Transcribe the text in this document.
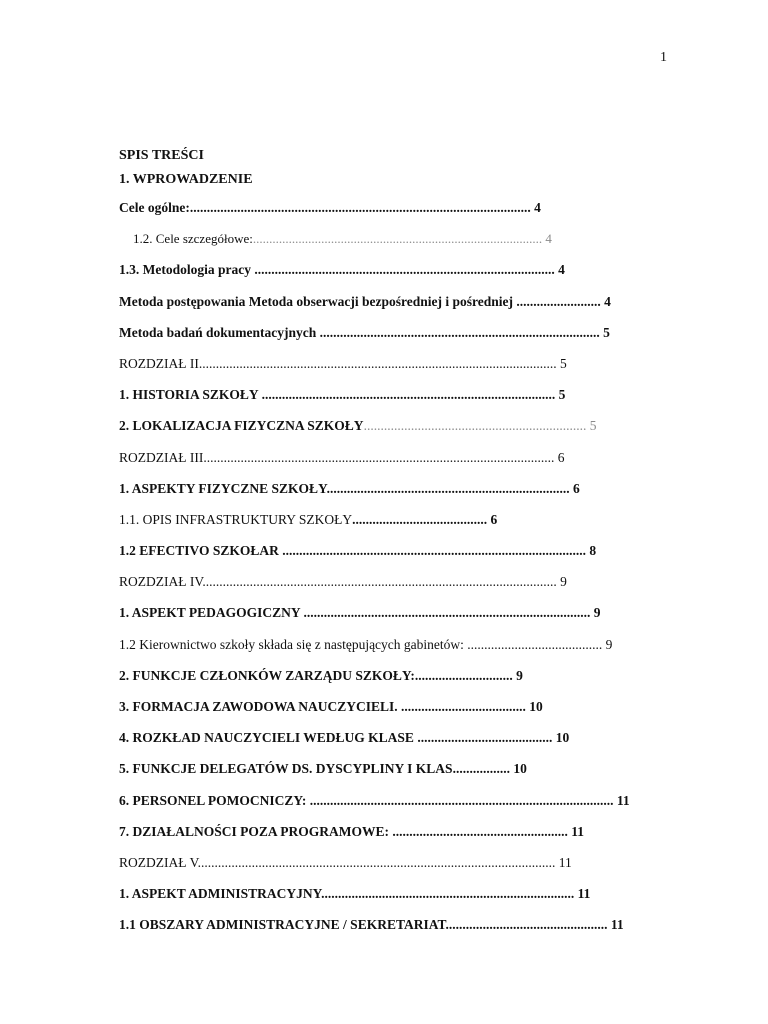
1
SPIS TREŚCI
1. WPROWADZENIE
Cele ogólne:..................................................................................................... 4
1.2. Cele szczegółowe:......................................................................................... 4
1.3. Metodologia pracy ......................................................................................... 4
Metoda postępowania Metoda obserwacji bezpośredniej i pośredniej ......................... 4
Metoda badań dokumentacyjnych ................................................................................... 5
ROZDZIAŁ II.......................................................................................................... 5
1. HISTORIA SZKOŁY ....................................................................................... 5
2. LOKALIZACJA FIZYCZNA SZKOŁY.................................................................. 5
ROZDZIAŁ III........................................................................................................ 6
1. ASPEKTY FIZYCZNE SZKOŁY........................................................................ 6
1.1. OPIS INFRASTRUKTURY SZKOŁY........................................ 6
1.2 EFECTIVO SZKOŁAR .......................................................................................... 8
ROZDZIAŁ IV......................................................................................................... 9
1. ASPEKT PEDAGOGICZNY ..................................................................................... 9
1.2 Kierownictwo szkoły składa się z następujących gabinetów: ........................................ 9
2. FUNKCJE CZŁONKÓW ZARZĄDU SZKOŁY:............................. 9
3. FORMACJA ZAWODOWA NAUCZYCIELI. ..................................... 10
4. ROZKŁAD NAUCZYCIELI WEDŁUG KLASE ........................................ 10
5. FUNKCJE DELEGATÓW DS. DYSCYPLINY I KLAS................. 10
6. PERSONEL POMOCNICZY: .......................................................................................... 11
7. DZIAŁALNOŚCI POZA PROGRAMOWE: .................................................... 11
ROZDZIAŁ V.......................................................................................................... 11
1. ASPEKT ADMINISTRACYJNY........................................................................... 11
1.1 OBSZARY ADMINISTRACYJNE / SEKRETARIAT................................................ 11
